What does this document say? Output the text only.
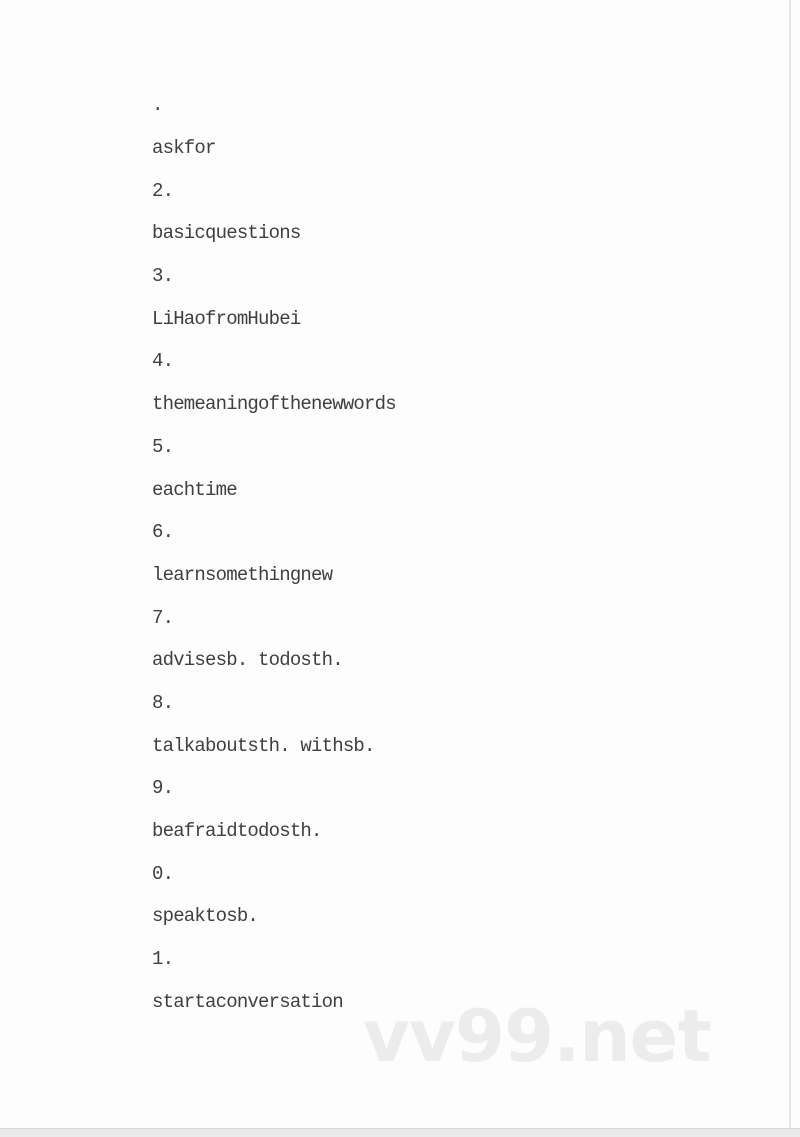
.
askfor
2.
basicquestions
3.
LiHaofromHubei
4.
themeaningofthenewwords
5.
eachtime
6.
learnsomethingnew
7.
advisesb. todosth.
8.
talkaboutsth. withsb.
9.
beafraidtodosth.
0.
speaktosb.
1.
startaconversation vv99.net
